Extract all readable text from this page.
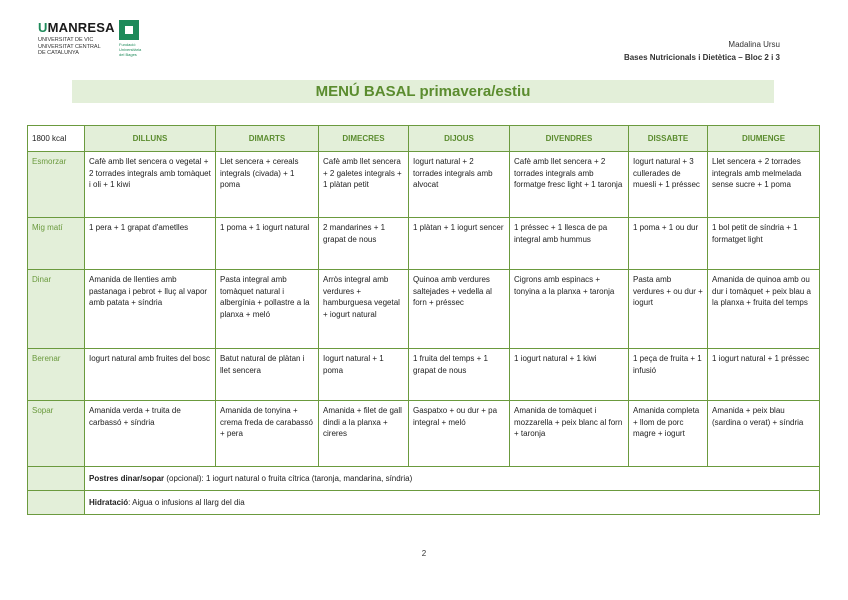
UMANRESA
UNIVERSITAT DE VIC
UNIVERSITAT CENTRAL
DE CATALUNYA
Fundació Universitària del Bages
Madalina Ursu
Bases Nutricionals i Dietètica – Bloc 2 i 3
MENÚ BASAL primavera/estiu
1800 kcal	DILLUNS	DIMARTS	DIMECRES	DIJOUS	DIVENDRES	DISSABTE	DIUMENGE
Esmorzar	Cafè amb llet sencera o vegetal + 2 torrades integrals amb tomàquet i oli + 1 kiwi	Llet sencera + cereals integrals (civada) + 1 poma	Cafè amb llet sencera + 2 galetes integrals + 1 plàtan petit	Iogurt natural + 2 torrades integrals amb alvocat	Cafè amb llet sencera + 2 torrades integrals amb formatge fresc light + 1 taronja	Iogurt natural + 3 cullerades de muesli + 1 préssec	Llet sencera + 2 torrades integrals amb melmelada sense sucre + 1 poma
Mig matí	1 pera + 1 grapat d'ametlles	1 poma + 1 iogurt natural	2 mandarines + 1 grapat de nous	1 plàtan + 1 iogurt sencer	1 préssec + 1 llesca de pa integral amb hummus	1 poma + 1 ou dur	1 bol petit de síndria + 1 formatget light
Dinar	Amanida de llenties amb pastanaga i pebrot + lluç al vapor amb patata + síndria	Pasta integral amb tomàquet natural i albergínia + pollastre a la planxa + meló	Arròs integral amb verdures + hamburguesa vegetal + iogurt natural	Quinoa amb verdures saltejades + vedella al forn + préssec	Cigrons amb espinacs + tonyina a la planxa + taronja	Pasta amb verdures + ou dur + iogurt	Amanida de quinoa amb ou dur i tomàquet + peix blau a la planxa + fruita del temps
Berenar	Iogurt natural amb fruites del bosc	Batut natural de plàtan i llet sencera	Iogurt natural + 1 poma	1 fruita del temps + 1 grapat de nous	1 iogurt natural + 1 kiwi	1 peça de fruita + 1 infusió	1 iogurt natural + 1 préssec
Sopar	Amanida verda + truita de carbassó + síndria	Amanida de tonyina + crema freda de carabassó + pera	Amanida + filet de gall dindi a la planxa + cireres	Gaspatxo + ou dur + pa integral + meló	Amanida de tomàquet i mozzarella + peix blanc al forn + taronja	Amanida completa + llom de porc magre + iogurt	Amanida + peix blau (sardina o verat) + síndria
	Postres dinar/sopar (opcional): 1 iogurt natural o fruita cítrica (taronja, mandarina, síndria)						
	Hidratació: Aigua o infusions al llarg del dia						
2
